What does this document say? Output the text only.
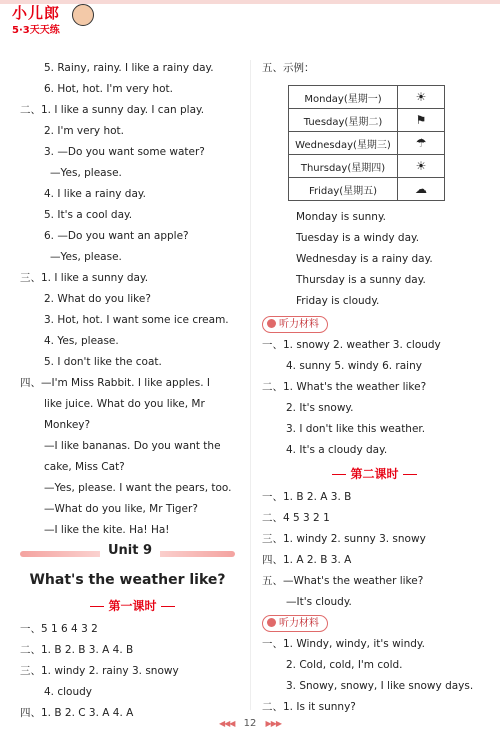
小儿郎
5·3天天练
5. Rainy, rainy. I like a rainy day.
6. Hot, hot. I'm very hot.
二、1. I like a sunny day. I can play.
2. I'm very hot.
3. —Do you want some water?
—Yes, please.
4. I like a rainy day.
5. It's a cool day.
6. —Do you want an apple?
—Yes, please.
三、1. I like a sunny day.
2. What do you like?
3. Hot, hot. I want some ice cream.
4. Yes, please.
5. I don't like the coat.
四、—I'm Miss Rabbit. I like apples. I
like juice. What do you like, Mr
Monkey?
—I like bananas. Do you want the
cake, Miss Cat?
—Yes, please. I want the pears, too.
—What do you like, Mr Tiger?
—I like the kite. Ha! Ha!
Unit 9
What's the weather like?
第一课时
一、5 1 6 4 3 2
二、1. B 2. B 3. A 4. B
三、1. windy 2. rainy 3. snowy
4. cloudy
四、1. B 2. C 3. A 4. A
五、示例：
Monday(星期一)	☀
Tuesday(星期二)	⚑
Wednesday(星期三)	☂
Thursday(星期四)	☀
Friday(星期五)	☁
Monday is sunny.
Tuesday is a windy day.
Wednesday is a rainy day.
Thursday is a sunny day.
Friday is cloudy.
听力材料
一、1. snowy 2. weather 3. cloudy
4. sunny 5. windy 6. rainy
二、1. What's the weather like?
2. It's snowy.
3. I don't like this weather.
4. It's a cloudy day.
第二课时
一、1. B 2. A 3. B
二、4 5 3 2 1
三、1. windy 2. sunny 3. snowy
四、1. A 2. B 3. A
五、—What's the weather like?
—It's cloudy.
听力材料
一、1. Windy, windy, it's windy.
2. Cold, cold, I'm cold.
3. Snowy, snowy, I like snowy days.
二、1. Is it sunny?
◀◀◀ 12 ▶▶▶
